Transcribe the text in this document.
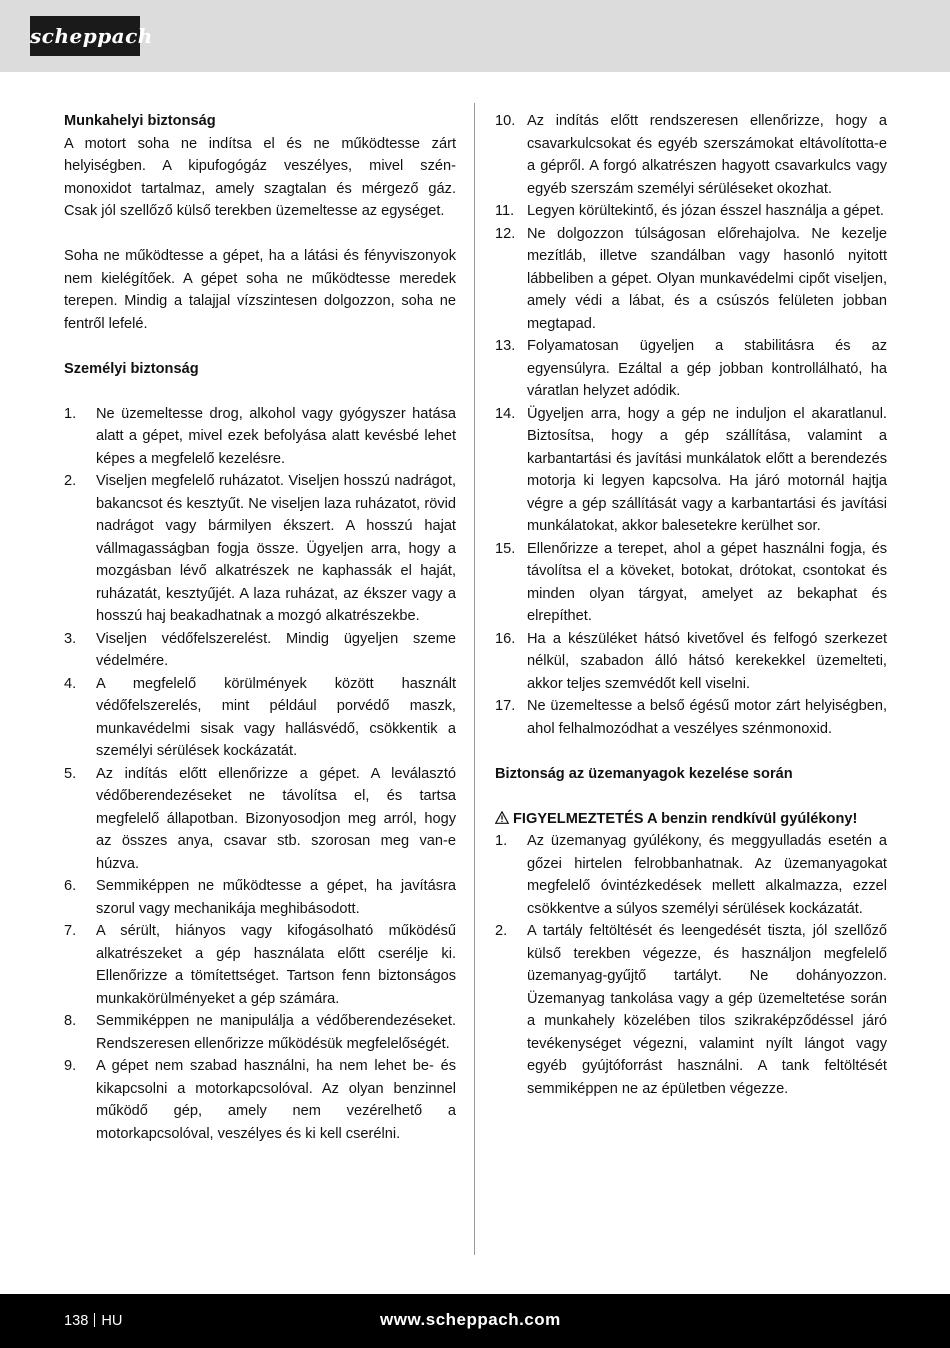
scheppach
Munkahelyi biztonság

A motort soha ne indítsa el és ne működtesse zárt helyiségben. A kipufogógáz veszélyes, mivel szén-monoxidot tartalmaz, amely szagtalan és mérgező gáz. Csak jól szellőző külső terekben üzemeltesse az egységet.

Soha ne működtesse a gépet, ha a látási és fényviszonyok nem kielégítőek. A gépet soha ne működtesse meredek terepen. Mindig a talajjal vízszintesen dolgozzon, soha ne fentről lefelé.

Személyi biztonság
1. Ne üzemeltesse drog, alkohol vagy gyógyszer hatása alatt a gépet, mivel ezek befolyása alatt kevésbé lehet képes a megfelelő kezelésre.
2. Viseljen megfelelő ruházatot. Viseljen hosszú nadrágot, bakancsot és kesztyűt. Ne viseljen laza ruházatot, rövid nadrágot vagy bármilyen ékszert. A hosszú hajat vállmagasságban fogja össze. Ügyeljen arra, hogy a mozgásban lévő alkatrészek ne kaphassák el haját, ruházatát, kesztyűjét. A laza ruházat, az ékszer vagy a hosszú haj beakadhatnak a mozgó alkatrészekbe.
3. Viseljen védőfelszerelést. Mindig ügyeljen szeme védelmére.
4. A megfelelő körülmények között használt védőfelszerelés, mint például porvédő maszk, munkavédelmi sisak vagy hallásvédő, csökkentik a személyi sérülések kockázatát.
5. Az indítás előtt ellenőrizze a gépet. A leválasztó védőberendezéseket ne távolítsa el, és tartsa megfelelő állapotban. Bizonyosodjon meg arról, hogy az összes anya, csavar stb. szorosan meg van-e húzva.
6. Semmiképpen ne működtesse a gépet, ha javításra szorul vagy mechanikája meghibásodott.
7. A sérült, hiányos vagy kifogásolható működésű alkatrészeket a gép használata előtt cserélje ki. Ellenőrizze a tömítettséget. Tartson fenn biztonságos munkakörülményeket a gép számára.
8. Semmiképpen ne manipulálja a védőberendezéseket. Rendszeresen ellenőrizze működésük megfelelőségét.
9. A gépet nem szabad használni, ha nem lehet be- és kikapcsolni a motorkapcsolóval. Az olyan benzinnel működő gép, amely nem vezérelhető a motorkapcsolóval, veszélyes és ki kell cserélni.
10. Az indítás előtt rendszeresen ellenőrizze, hogy a csavarkulcsokat és egyéb szerszámokat eltávolította-e a gépről. A forgó alkatrészen hagyott csavarkulcs vagy egyéb szerszám személyi sérüléseket okozhat.
11. Legyen körültekintő, és józan ésszel használja a gépet.
12. Ne dolgozzon túlságosan előrehajolva. Ne kezelje mezítláb, illetve szandálban vagy hasonló nyitott lábbeliben a gépet. Olyan munkavédelmi cipőt viseljen, amely védi a lábat, és a csúszós felületen jobban megtapad.
13. Folyamatosan ügyeljen a stabilitásra és az egyensúlyra. Ezáltal a gép jobban kontrollálható, ha váratlan helyzet adódik.
14. Ügyeljen arra, hogy a gép ne induljon el akaratlanul. Biztosítsa, hogy a gép szállítása, valamint a karbantartási és javítási munkálatok előtt a berendezés motorja ki legyen kapcsolva. Ha járó motornál hajtja végre a gép szállítását vagy a karbantartási és javítási munkálatokat, akkor balesetekre kerülhet sor.
15. Ellenőrizze a terepet, ahol a gépet használni fogja, és távolítsa el a köveket, botokat, drótokat, csontokat és minden olyan tárgyat, amelyet az bekaphat és elrepíthet.
16. Ha a készüléket hátsó kivetővel és felfogó szerkezet nélkül, szabadon álló hátsó kerekekkel üzemelteti, akkor teljes szemvédőt kell viselni.
17. Ne üzemeltesse a belső égésű motor zárt helyiségben, ahol felhalmozódhat a veszélyes szénmonoxid.
Biztonság az üzemanyagok kezelése során
FIGYELMEZTETÉS A benzin rendkívül gyúlékony!
1. Az üzemanyag gyúlékony, és meggyulladás esetén a gőzei hirtelen felrobbanhatnak. Az üzemanyagokat megfelelő óvintézkedések mellett alkalmazza, ezzel csökkentve a súlyos személyi sérülések kockázatát.
2. A tartály feltöltését és leengedését tiszta, jól szellőző külső terekben végezze, és használjon megfelelő üzemanyag-gyűjtő tartályt. Ne dohányozzon. Üzemanyag tankolása vagy a gép üzemeltetése során a munkahely közelében tilos szikraképződéssel járó tevékenységet végezni, valamint nyílt lángot vagy egyéb gyújtóforrást használni. A tank feltöltését semmiképpen ne az épületben végezze.
138 HU	www.scheppach.com
